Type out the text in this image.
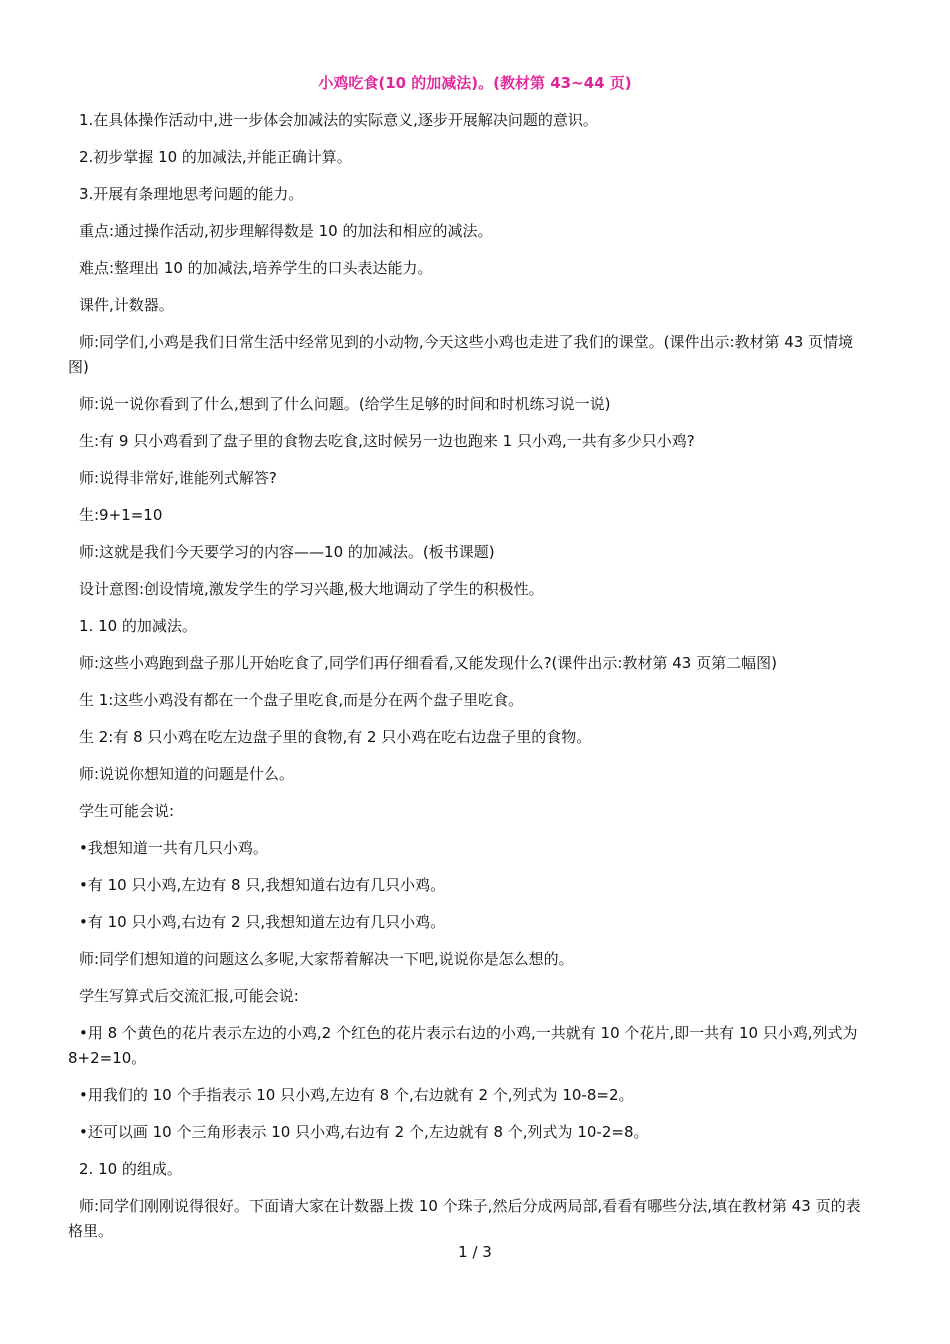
小鸡吃食(10 的加减法)。(教材第 43~44 页)

1.在具体操作活动中,进一步体会加减法的实际意义,逐步开展解决问题的意识。

2.初步掌握 10 的加减法,并能正确计算。

3.开展有条理地思考问题的能力。

重点:通过操作活动,初步理解得数是 10 的加法和相应的减法。

难点:整理出 10 的加减法,培养学生的口头表达能力。

课件,计数器。

师:同学们,小鸡是我们日常生活中经常见到的小动物,今天这些小鸡也走进了我们的课堂。(课件出示:教材第 43 页情境图)

师:说一说你看到了什么,想到了什么问题。(给学生足够的时间和时机练习说一说)

生:有 9 只小鸡看到了盘子里的食物去吃食,这时候另一边也跑来 1 只小鸡,一共有多少只小鸡?

师:说得非常好,谁能列式解答?

生:9+1=10

师:这就是我们今天要学习的内容——10 的加减法。(板书课题)

设计意图:创设情境,激发学生的学习兴趣,极大地调动了学生的积极性。

1. 10 的加减法。

师:这些小鸡跑到盘子那儿开始吃食了,同学们再仔细看看,又能发现什么?(课件出示:教材第 43 页第二幅图)

生 1:这些小鸡没有都在一个盘子里吃食,而是分在两个盘子里吃食。

生 2:有 8 只小鸡在吃左边盘子里的食物,有 2 只小鸡在吃右边盘子里的食物。

师:说说你想知道的问题是什么。

学生可能会说:

•我想知道一共有几只小鸡。

•有 10 只小鸡,左边有 8 只,我想知道右边有几只小鸡。

•有 10 只小鸡,右边有 2 只,我想知道左边有几只小鸡。

师:同学们想知道的问题这么多呢,大家帮着解决一下吧,说说你是怎么想的。

学生写算式后交流汇报,可能会说:

•用 8 个黄色的花片表示左边的小鸡,2 个红色的花片表示右边的小鸡,一共就有 10 个花片,即一共有 10 只小鸡,列式为 8+2=10。

•用我们的 10 个手指表示 10 只小鸡,左边有 8 个,右边就有 2 个,列式为 10-8=2。

•还可以画 10 个三角形表示 10 只小鸡,右边有 2 个,左边就有 8 个,列式为 10-2=8。

2. 10 的组成。

师:同学们刚刚说得很好。下面请大家在计数器上拨 10 个珠子,然后分成两局部,看看有哪些分法,填在教材第 43 页的表格里。

1 / 3
